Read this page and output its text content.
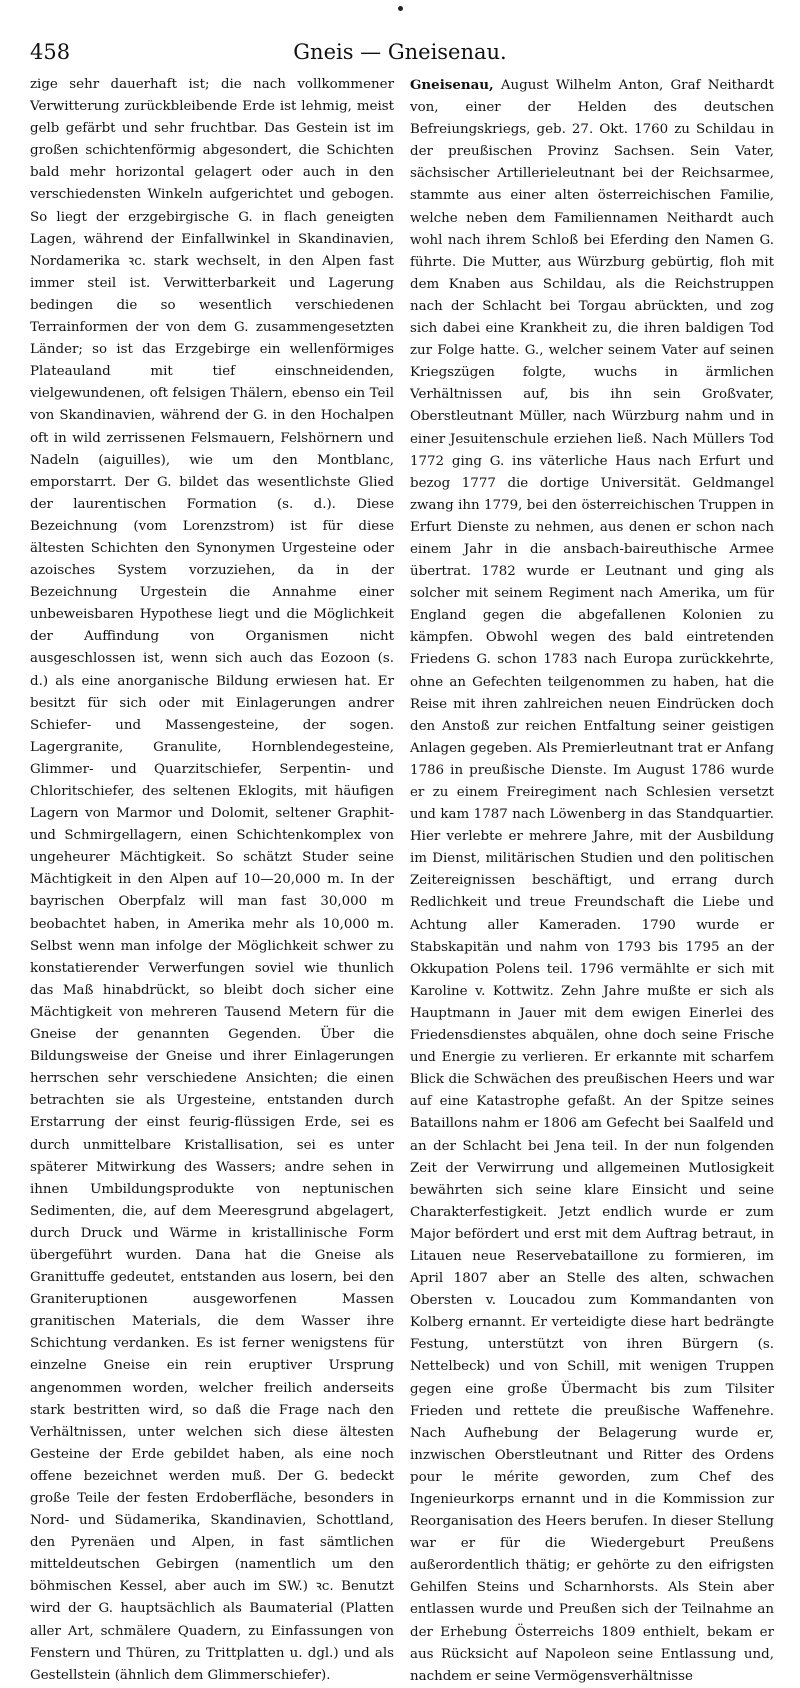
458	Gneis — Gneisenau.

zige sehr dauerhaft ist; die nach vollkommener Verwitterung zurückbleibende Erde ist lehmig, meist gelb gefärbt und sehr fruchtbar. Das Gestein ist im großen schichtenförmig abgesondert, die Schichten bald mehr horizontal gelagert oder auch in den verschiedensten Winkeln aufgerichtet und gebogen. So liegt der erzgebirgische G. in flach geneigten Lagen, während der Einfallwinkel in Skandinavien, Nordamerika ꝛc. stark wechselt, in den Alpen fast immer steil ist. Verwitterbarkeit und Lagerung bedingen die so wesentlich verschiedenen Terrainformen der von dem G. zusammengesetzten Länder; so ist das Erzgebirge ein wellenförmiges Plateauland mit tief einschneidenden, vielgewundenen, oft felsigen Thälern, ebenso ein Teil von Skandinavien, während der G. in den Hochalpen oft in wild zerrissenen Felsmauern, Felshörnern und Nadeln (aiguilles), wie um den Montblanc, emporstarrt. Der G. bildet das wesentlichste Glied der laurentischen Formation (s. d.). Diese Bezeichnung (vom Lorenzstrom) ist für diese ältesten Schichten den Synonymen Urgesteine oder azoisches System vorzuziehen, da in der Bezeichnung Urgestein die Annahme einer unbeweisbaren Hypothese liegt und die Möglichkeit der Auffindung von Organismen nicht ausgeschlossen ist, wenn sich auch das Eozoon (s. d.) als eine anorganische Bildung erwiesen hat. Er besitzt für sich oder mit Einlagerungen andrer Schiefer- und Massengesteine, der sogen. Lagergranite, Granulite, Hornblendegesteine, Glimmer- und Quarzitschiefer, Serpentin- und Chloritschiefer, des seltenen Eklogits, mit häufigen Lagern von Marmor und Dolomit, seltener Graphit- und Schmirgellagern, einen Schichtenkomplex von ungeheurer Mächtigkeit. So schätzt Studer seine Mächtigkeit in den Alpen auf 10—20,000 m. In der bayrischen Oberpfalz will man fast 30,000 m beobachtet haben, in Amerika mehr als 10,000 m. Selbst wenn man infolge der Möglichkeit schwer zu konstatierender Verwerfungen soviel wie thunlich das Maß hinabdrückt, so bleibt doch sicher eine Mächtigkeit von mehreren Tausend Metern für die Gneise der genannten Gegenden. Über die Bildungsweise der Gneise und ihrer Einlagerungen herrschen sehr verschiedene Ansichten; die einen betrachten sie als Urgesteine, entstanden durch Erstarrung der einst feurig-flüssigen Erde, sei es durch unmittelbare Kristallisation, sei es unter späterer Mitwirkung des Wassers; andre sehen in ihnen Umbildungsprodukte von neptunischen Sedimenten, die, auf dem Meeresgrund abgelagert, durch Druck und Wärme in kristallinische Form übergeführt wurden. Dana hat die Gneise als Granittuffe gedeutet, entstanden aus losern, bei den Graniteruptionen ausgeworfenen Massen granitischen Materials, die dem Wasser ihre Schichtung verdanken. Es ist ferner wenigstens für einzelne Gneise ein rein eruptiver Ursprung angenommen worden, welcher freilich anderseits stark bestritten wird, so daß die Frage nach den Verhältnissen, unter welchen sich diese ältesten Gesteine der Erde gebildet haben, als eine noch offene bezeichnet werden muß. Der G. bedeckt große Teile der festen Erdoberfläche, besonders in Nord- und Südamerika, Skandinavien, Schottland, den Pyrenäen und Alpen, in fast sämtlichen mitteldeutschen Gebirgen (namentlich um den böhmischen Kessel, aber auch im SW.) ꝛc. Benutzt wird der G. hauptsächlich als Baumaterial (Platten aller Art, schmälere Quadern, zu Einfassungen von Fenstern und Thüren, zu Trittplatten u. dgl.) und als Gestellstein (ähnlich dem Glimmerschiefer).

Gneisenau, August Wilhelm Anton, Graf Neithardt von, einer der Helden des deutschen Befreiungskriegs, geb. 27. Okt. 1760 zu Schildau in der preußischen Provinz Sachsen. Sein Vater, sächsischer Artillerieleutnant bei der Reichsarmee, stammte aus einer alten österreichischen Familie, welche neben dem Familiennamen Neithardt auch wohl nach ihrem Schloß bei Eferding den Namen G. führte. Die Mutter, aus Würzburg gebürtig, floh mit dem Knaben aus Schildau, als die Reichstruppen nach der Schlacht bei Torgau abrückten, und zog sich dabei eine Krankheit zu, die ihren baldigen Tod zur Folge hatte. G., welcher seinem Vater auf seinen Kriegszügen folgte, wuchs in ärmlichen Verhältnissen auf, bis ihn sein Großvater, Oberstleutnant Müller, nach Würzburg nahm und in einer Jesuitenschule erziehen ließ. Nach Müllers Tod 1772 ging G. ins väterliche Haus nach Erfurt und bezog 1777 die dortige Universität. Geldmangel zwang ihn 1779, bei den österreichischen Truppen in Erfurt Dienste zu nehmen, aus denen er schon nach einem Jahr in die ansbach-baireuthische Armee übertrat. 1782 wurde er Leutnant und ging als solcher mit seinem Regiment nach Amerika, um für England gegen die abgefallenen Kolonien zu kämpfen. Obwohl wegen des bald eintretenden Friedens G. schon 1783 nach Europa zurückkehrte, ohne an Gefechten teilgenommen zu haben, hat die Reise mit ihren zahlreichen neuen Eindrücken doch den Anstoß zur reichen Entfaltung seiner geistigen Anlagen gegeben. Als Premierleutnant trat er Anfang 1786 in preußische Dienste. Im August 1786 wurde er zu einem Freiregiment nach Schlesien versetzt und kam 1787 nach Löwenberg in das Standquartier. Hier verlebte er mehrere Jahre, mit der Ausbildung im Dienst, militärischen Studien und den politischen Zeitereignissen beschäftigt, und errang durch Redlichkeit und treue Freundschaft die Liebe und Achtung aller Kameraden. 1790 wurde er Stabskapitän und nahm von 1793 bis 1795 an der Okkupation Polens teil. 1796 vermählte er sich mit Karoline v. Kottwitz. Zehn Jahre mußte er sich als Hauptmann in Jauer mit dem ewigen Einerlei des Friedensdienstes abquälen, ohne doch seine Frische und Energie zu verlieren. Er erkannte mit scharfem Blick die Schwächen des preußischen Heers und war auf eine Katastrophe gefaßt. An der Spitze seines Bataillons nahm er 1806 am Gefecht bei Saalfeld und an der Schlacht bei Jena teil. In der nun folgenden Zeit der Verwirrung und allgemeinen Mutlosigkeit bewährten sich seine klare Einsicht und seine Charakterfestigkeit. Jetzt endlich wurde er zum Major befördert und erst mit dem Auftrag betraut, in Litauen neue Reservebataillone zu formieren, im April 1807 aber an Stelle des alten, schwachen Obersten v. Loucadou zum Kommandanten von Kolberg ernannt. Er verteidigte diese hart bedrängte Festung, unterstützt von ihren Bürgern (s. Nettelbeck) und von Schill, mit wenigen Truppen gegen eine große Übermacht bis zum Tilsiter Frieden und rettete die preußische Waffenehre. Nach Aufhebung der Belagerung wurde er, inzwischen Oberstleutnant und Ritter des Ordens pour le mérite geworden, zum Chef des Ingenieurkorps ernannt und in die Kommission zur Reorganisation des Heers berufen. In dieser Stellung war er für die Wiedergeburt Preußens außerordentlich thätig; er gehörte zu den eifrigsten Gehilfen Steins und Scharnhorsts. Als Stein aber entlassen wurde und Preußen sich der Teilnahme an der Erhebung Österreichs 1809 enthielt, bekam er aus Rücksicht auf Napoleon seine Entlassung und, nachdem er seine Vermögensverhältnisse
